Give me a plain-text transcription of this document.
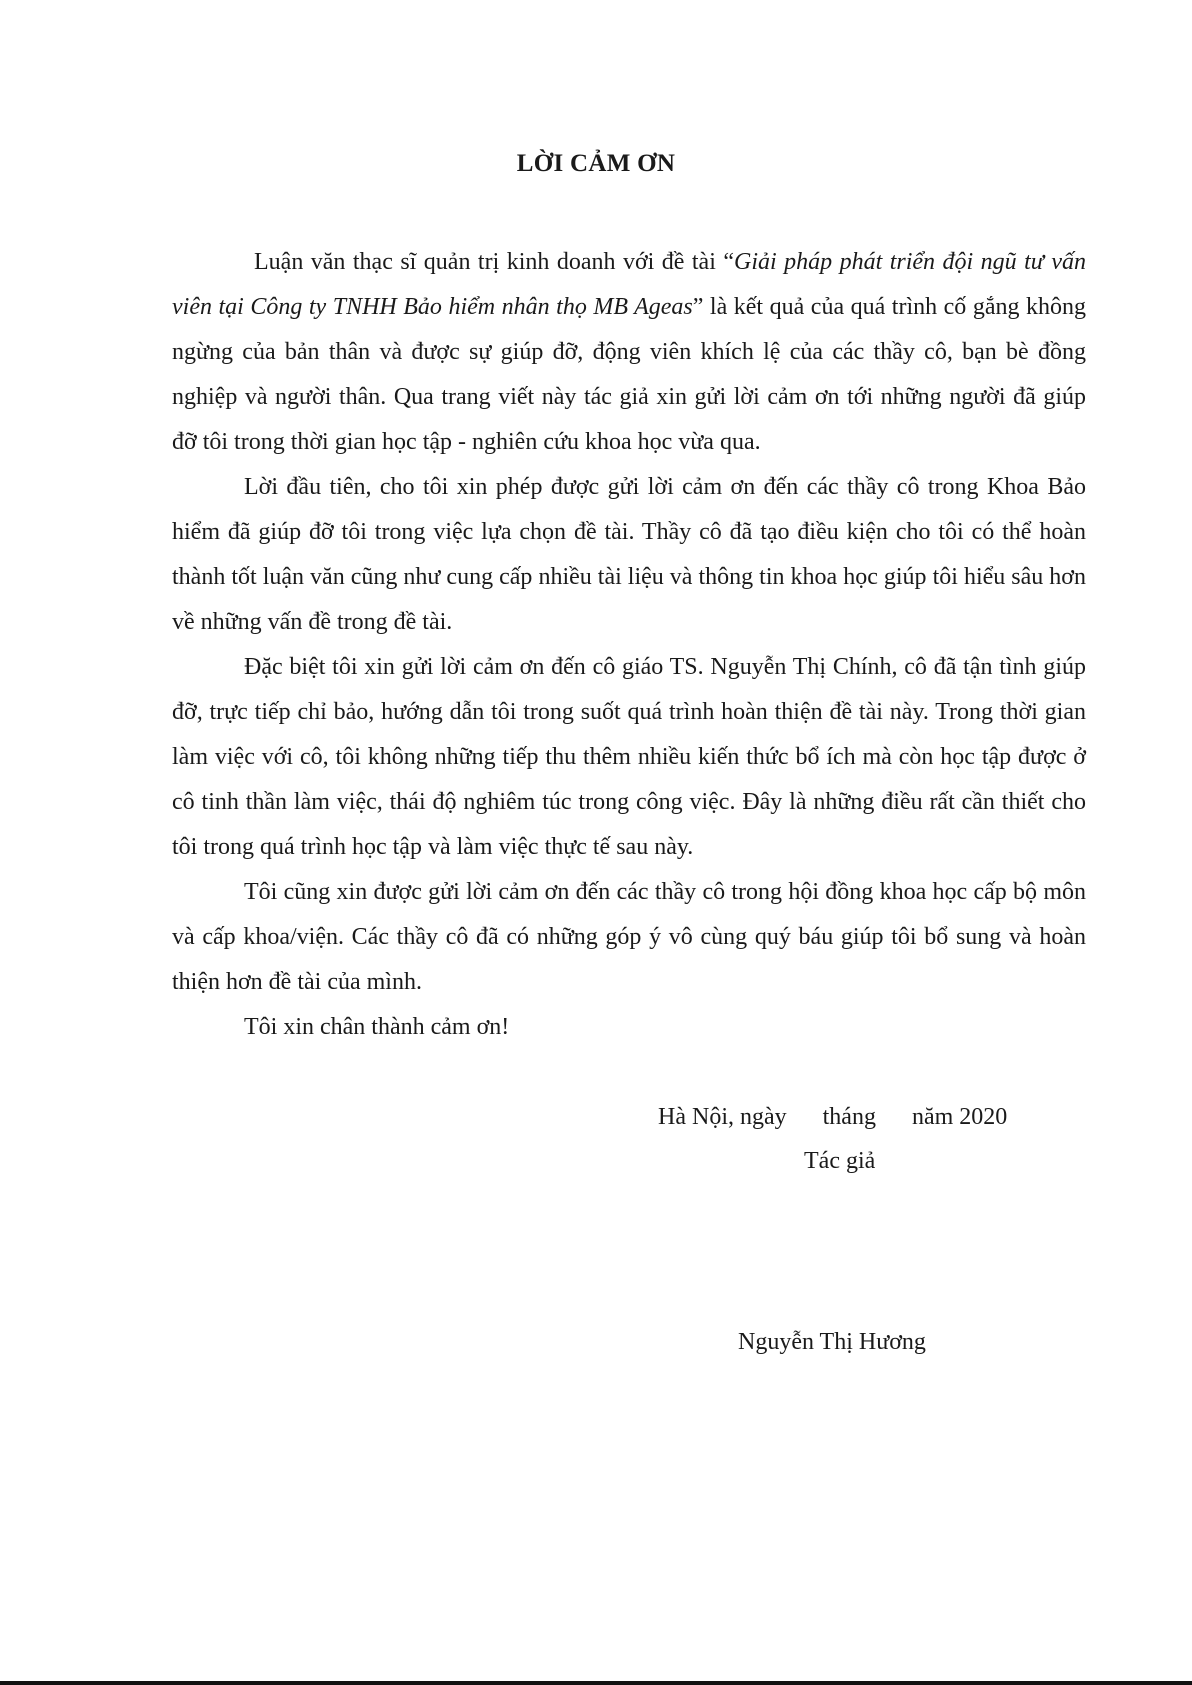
LỜI CẢM ƠN

Luận văn thạc sĩ quản trị kinh doanh với đề tài “Giải pháp phát triển đội ngũ tư vấn viên tại Công ty TNHH Bảo hiểm nhân thọ MB Ageas” là kết quả của quá trình cố gắng không ngừng của bản thân và được sự giúp đỡ, động viên khích lệ của các thầy cô, bạn bè đồng nghiệp và người thân. Qua trang viết này tác giả xin gửi lời cảm ơn tới những người đã giúp đỡ tôi trong thời gian học tập - nghiên cứu khoa học vừa qua.

Lời đầu tiên, cho tôi xin phép được gửi lời cảm ơn đến các thầy cô trong Khoa Bảo hiểm đã giúp đỡ tôi trong việc lựa chọn đề tài. Thầy cô đã tạo điều kiện cho tôi có thể hoàn thành tốt luận văn cũng như cung cấp nhiều tài liệu và thông tin khoa học giúp tôi hiểu sâu hơn về những vấn đề trong đề tài.

Đặc biệt tôi xin gửi lời cảm ơn đến cô giáo TS. Nguyễn Thị Chính, cô đã tận tình giúp đỡ, trực tiếp chỉ bảo, hướng dẫn tôi trong suốt quá trình hoàn thiện đề tài này. Trong thời gian làm việc với cô, tôi không những tiếp thu thêm nhiều kiến thức bổ ích mà còn học tập được ở cô tinh thần làm việc, thái độ nghiêm túc trong công việc. Đây là những điều rất cần thiết cho tôi trong quá trình học tập và làm việc thực tế sau này.

Tôi cũng xin được gửi lời cảm ơn đến các thầy cô trong hội đồng khoa học cấp bộ môn và cấp khoa/viện. Các thầy cô đã có những góp ý vô cùng quý báu giúp tôi bổ sung và hoàn thiện hơn đề tài của mình.

Tôi xin chân thành cảm ơn!

Hà Nội, ngày      tháng      năm 2020
Tác giả
Nguyễn Thị Hương
